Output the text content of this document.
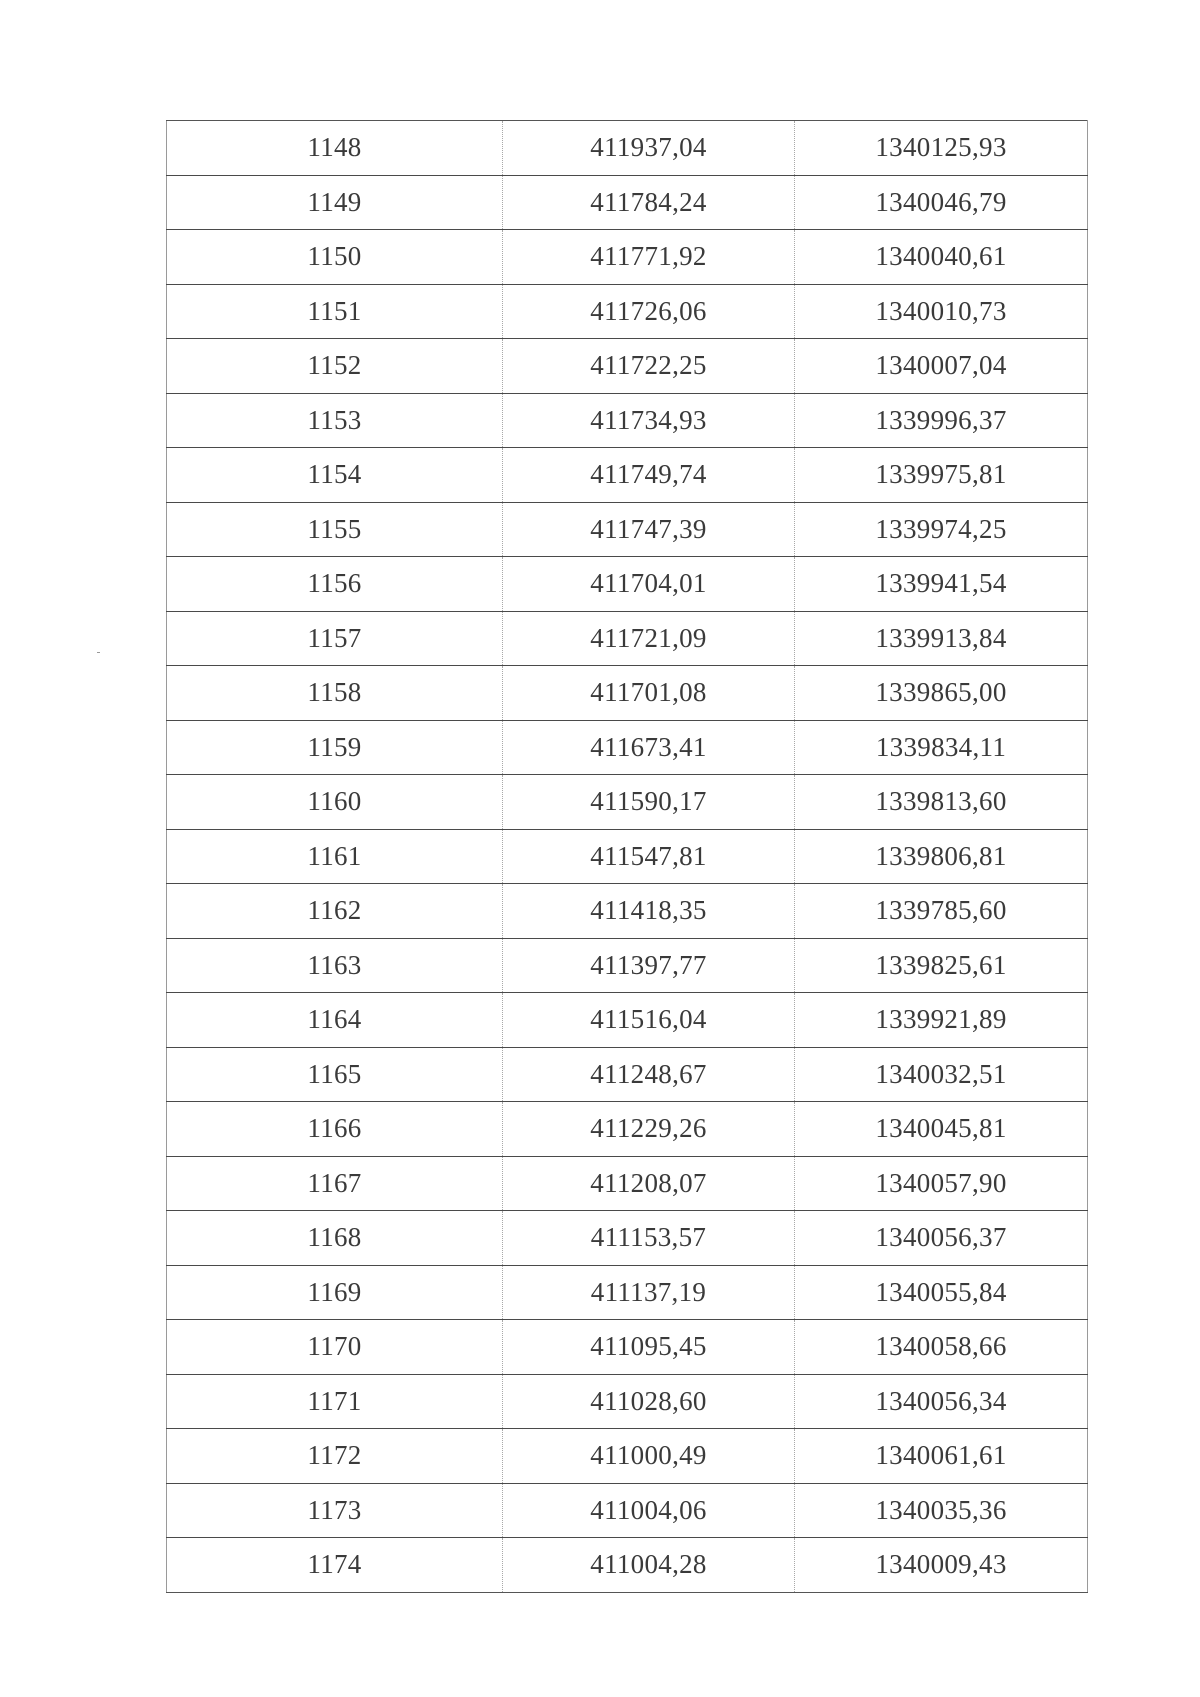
1148	411937,04	1340125,93
1149	411784,24	1340046,79
1150	411771,92	1340040,61
1151	411726,06	1340010,73
1152	411722,25	1340007,04
1153	411734,93	1339996,37
1154	411749,74	1339975,81
1155	411747,39	1339974,25
1156	411704,01	1339941,54
1157	411721,09	1339913,84
1158	411701,08	1339865,00
1159	411673,41	1339834,11
1160	411590,17	1339813,60
1161	411547,81	1339806,81
1162	411418,35	1339785,60
1163	411397,77	1339825,61
1164	411516,04	1339921,89
1165	411248,67	1340032,51
1166	411229,26	1340045,81
1167	411208,07	1340057,90
1168	411153,57	1340056,37
1169	411137,19	1340055,84
1170	411095,45	1340058,66
1171	411028,60	1340056,34
1172	411000,49	1340061,61
1173	411004,06	1340035,36
1174	411004,28	1340009,43
